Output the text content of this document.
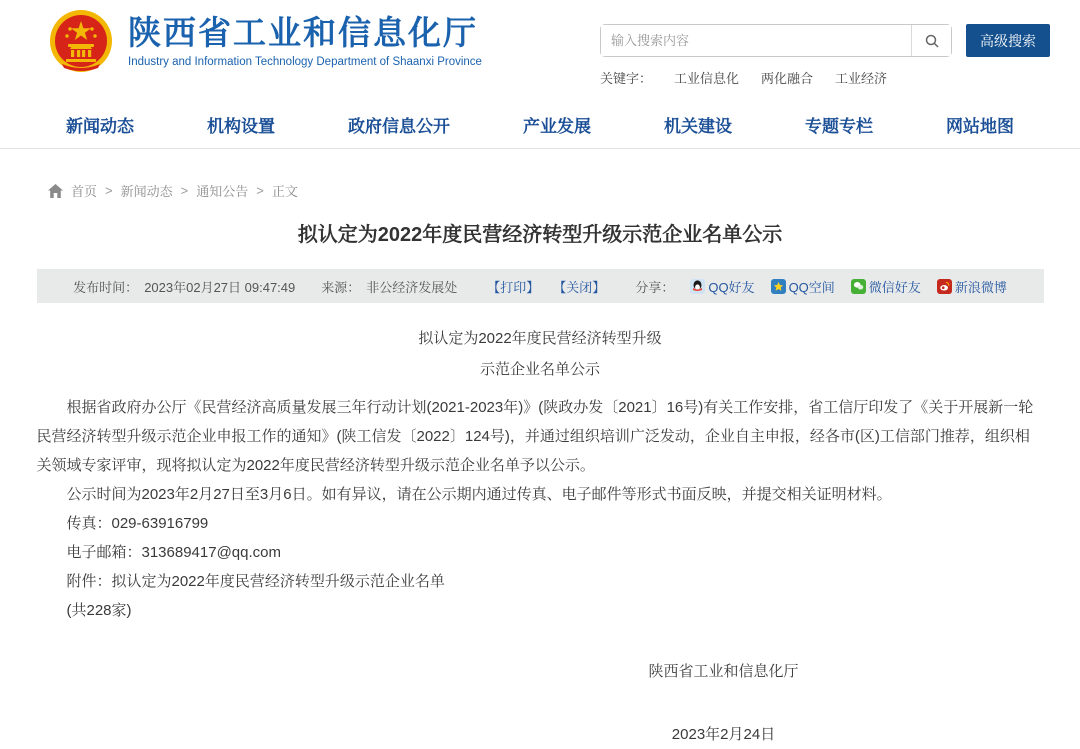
陕西省工业和信息化厅
Industry and Information Technology Department of Shaanxi Province
输入搜索内容
高级搜索
关键字： 工业信息化 两化融合 工业经济
新闻动态	机构设置	政府信息公开	产业发展	机关建设	专题专栏	网站地图
首页 > 新闻动态 > 通知公告 > 正文
拟认定为2022年度民营经济转型升级示范企业名单公示
发布时间： 2023年02月27日 09:47:49 来源： 非公经济发展处 【打印】 【关闭】 分享：	QQ好友	QQ空间	微信好友	新浪微博
拟认定为2022年度民营经济转型升级
示范企业名单公示

根据省政府办公厅《民营经济高质量发展三年行动计划(2021-2023年)》(陕政办发〔2021〕16号)有关工作安排，省工信厅印发了《关于开展新一轮民营经济转型升级示范企业申报工作的通知》(陕工信发〔2022〕124号)，并通过组织培训广泛发动，企业自主申报，经各市(区)工信部门推荐，组织相关领域专家评审，现将拟认定为2022年度民营经济转型升级示范企业名单予以公示。

公示时间为2023年2月27日至3月6日。如有异议，请在公示期内通过传真、电子邮件等形式书面反映，并提交相关证明材料。

传真：029-63916799

电子邮箱：313689417@qq.com

附件：拟认定为2022年度民营经济转型升级示范企业名单

(共228家)

陕西省工业和信息化厅
2023年2月24日
